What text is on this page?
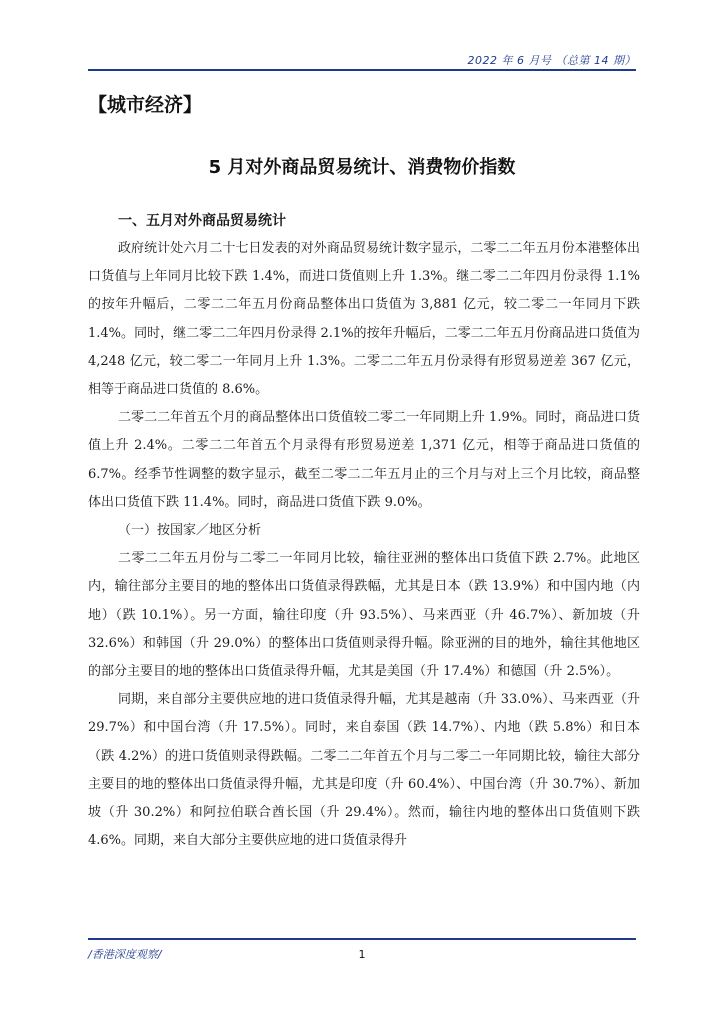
2022 年 6 月号 （总第 14 期）
【城市经济】
5 月对外商品贸易统计、消费物价指数
一、五月对外商品贸易统计

政府统计处六月二十七日发表的对外商品贸易统计数字显示，二零二二年五月份本港整体出口货值与上年同月比较下跌 1.4%，而进口货值则上升 1.3%。继二零二二年四月份录得 1.1%的按年升幅后，二零二二年五月份商品整体出口货值为 3,881 亿元，较二零二一年同月下跌 1.4%。同时，继二零二二年四月份录得 2.1%的按年升幅后，二零二二年五月份商品进口货值为 4,248 亿元，较二零二一年同月上升 1.3%。二零二二年五月份录得有形贸易逆差 367 亿元，相等于商品进口货值的 8.6%。

二零二二年首五个月的商品整体出口货值较二零二一年同期上升 1.9%。同时，商品进口货值上升 2.4%。二零二二年首五个月录得有形贸易逆差 1,371 亿元，相等于商品进口货值的 6.7%。经季节性调整的数字显示，截至二零二二年五月止的三个月与对上三个月比较，商品整体出口货值下跌 11.4%。同时，商品进口货值下跌 9.0%。

（一）按国家／地区分析

二零二二年五月份与二零二一年同月比较，输往亚洲的整体出口货值下跌 2.7%。此地区内，输往部分主要目的地的整体出口货值录得跌幅，尤其是日本（跌 13.9%）和中国内地（内地）（跌 10.1%）。另一方面，输往印度（升 93.5%）、马来西亚（升 46.7%）、新加坡（升 32.6%）和韩国（升 29.0%）的整体出口货值则录得升幅。除亚洲的目的地外，输往其他地区的部分主要目的地的整体出口货值录得升幅，尤其是美国（升 17.4%）和德国（升 2.5%）。

同期，来自部分主要供应地的进口货值录得升幅，尤其是越南（升 33.0%）、马来西亚（升 29.7%）和中国台湾（升 17.5%）。同时，来自泰国（跌 14.7%）、内地（跌 5.8%）和日本（跌 4.2%）的进口货值则录得跌幅。二零二二年首五个月与二零二一年同期比较，输往大部分主要目的地的整体出口货值录得升幅，尤其是印度（升 60.4%）、中国台湾（升 30.7%）、新加坡（升 30.2%）和阿拉伯联合酋长国（升 29.4%）。然而，输往内地的整体出口货值则下跌 4.6%。同期，来自大部分主要供应地的进口货值录得升

/香港深度观察/	1
